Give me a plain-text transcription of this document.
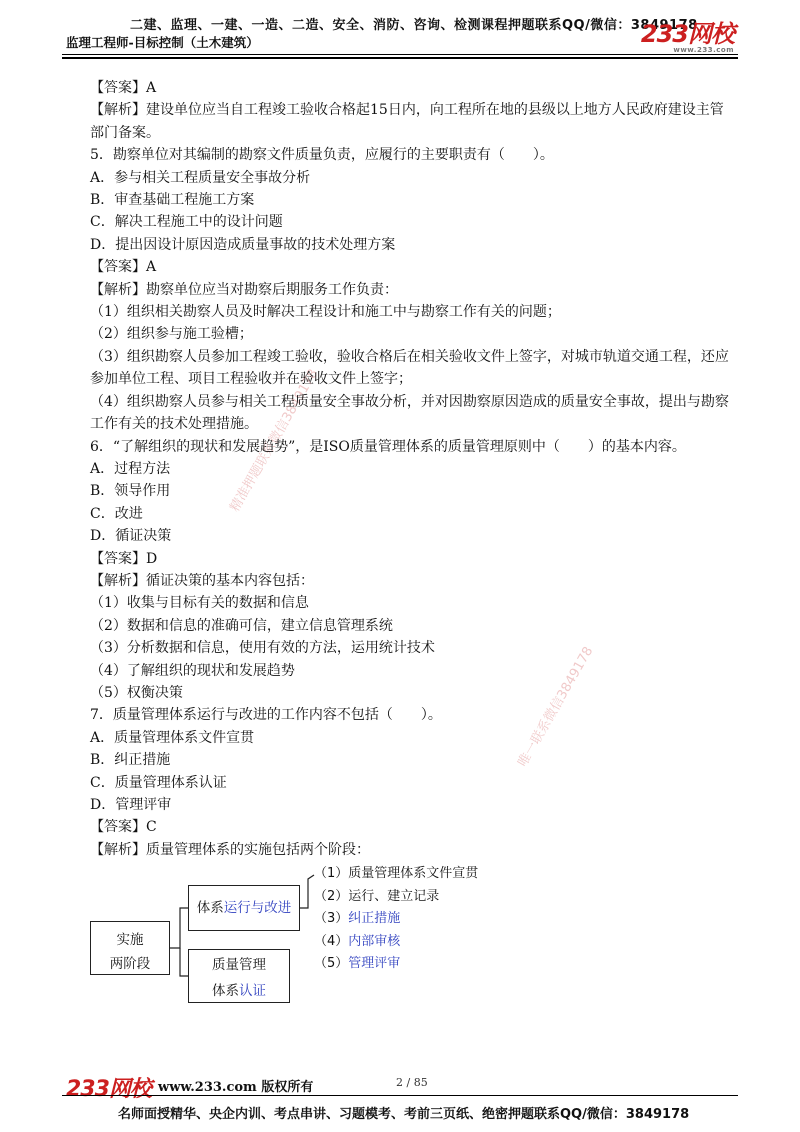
二建、监理、一建、一造、二造、安全、消防、咨询、检测课程押题联系QQ/微信：3849178
监理工程师-目标控制（土木建筑）	233网校
www.233.com
精准押题联系微信3849178
唯一联系微信3849178

【答案】A

【解析】建设单位应当自工程竣工验收合格起15日内，向工程所在地的县级以上地方人民政府建设主管部门备案。

5．勘察单位对其编制的勘察文件质量负责，应履行的主要职责有（　　）。

A．参与相关工程质量安全事故分析

B．审查基础工程施工方案

C．解决工程施工中的设计问题

D．提出因设计原因造成质量事故的技术处理方案

【答案】A

【解析】勘察单位应当对勘察后期服务工作负责：

（1）组织相关勘察人员及时解决工程设计和施工中与勘察工作有关的问题；

（2）组织参与施工验槽；

（3）组织勘察人员参加工程竣工验收，验收合格后在相关验收文件上签字，对城市轨道交通工程，还应参加单位工程、项目工程验收并在验收文件上签字；

（4）组织勘察人员参与相关工程质量安全事故分析，并对因勘察原因造成的质量安全事故，提出与勘察工作有关的技术处理措施。

6．“了解组织的现状和发展趋势”，是ISO质量管理体系的质量管理原则中（　　）的基本内容。

A．过程方法

B．领导作用

C．改进

D．循证决策

【答案】D

【解析】循证决策的基本内容包括：

（1）收集与目标有关的数据和信息

（2）数据和信息的准确可信，建立信息管理系统

（3）分析数据和信息，使用有效的方法，运用统计技术

（4）了解组织的现状和发展趋势

（5）权衡决策

7．质量管理体系运行与改进的工作内容不包括（　　）。

A．质量管理体系文件宣贯

B．纠正措施

C．质量管理体系认证

D．管理评审

【答案】C

【解析】质量管理体系的实施包括两个阶段：

实施
两阶段
体系运行与改进
质量管理
体系认证
（1）质量管理体系文件宣贯
（2）运行、建立记录
（3）纠正措施
（4）内部审核
（5）管理评审
233网校 www.233.com 版权所有	2 / 85
名师面授精华、央企内训、考点串讲、习题模考、考前三页纸、绝密押题联系QQ/微信：3849178
